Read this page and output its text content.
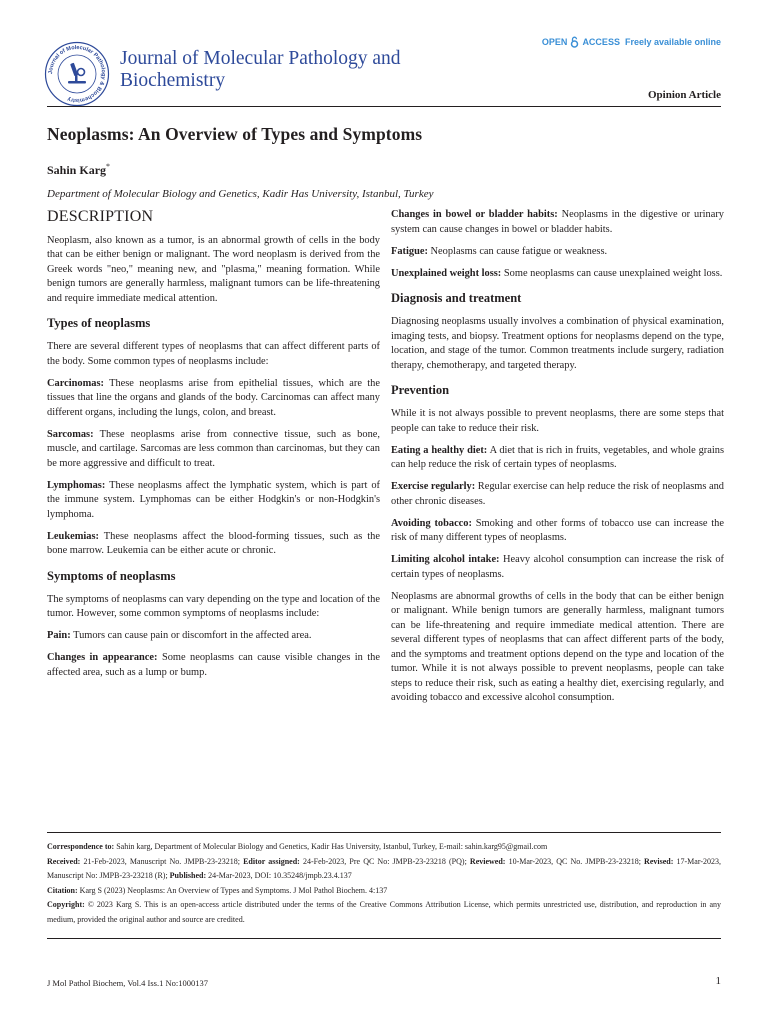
Journal of Molecular Pathology & Biochemistry
Journal of Molecular Pathology and
Biochemistry
OPEN ACCESS Freely available online
Opinion Article
Neoplasms: An Overview of Types and Symptoms
Sahin Karg*
Department of Molecular Biology and Genetics, Kadir Has University, Istanbul, Turkey
DESCRIPTION

Neoplasm, also known as a tumor, is an abnormal growth of cells in the body that can be either benign or malignant. The word neoplasm is derived from the Greek words "neo," meaning new, and "plasma," meaning formation. While benign tumors are generally harmless, malignant tumors can be life-threatening and require immediate medical attention.

Types of neoplasms

There are several different types of neoplasms that can affect different parts of the body. Some common types of neoplasms include:

Carcinomas: These neoplasms arise from epithelial tissues, which are the tissues that line the organs and glands of the body. Carcinomas can affect many different organs, including the lungs, colon, and breast.

Sarcomas: These neoplasms arise from connective tissue, such as bone, muscle, and cartilage. Sarcomas are less common than carcinomas, but they can be more aggressive and difficult to treat.

Lymphomas: These neoplasms affect the lymphatic system, which is part of the immune system. Lymphomas can be either Hodgkin's or non-Hodgkin's lymphoma.

Leukemias: These neoplasms affect the blood-forming tissues, such as the bone marrow. Leukemia can be either acute or chronic.

Symptoms of neoplasms

The symptoms of neoplasms can vary depending on the type and location of the tumor. However, some common symptoms of neoplasms include:

Pain: Tumors can cause pain or discomfort in the affected area.

Changes in appearance: Some neoplasms can cause visible changes in the affected area, such as a lump or bump.

Changes in bowel or bladder habits: Neoplasms in the digestive or urinary system can cause changes in bowel or bladder habits.

Fatigue: Neoplasms can cause fatigue or weakness.

Unexplained weight loss: Some neoplasms can cause unexplained weight loss.

Diagnosis and treatment

Diagnosing neoplasms usually involves a combination of physical examination, imaging tests, and biopsy. Treatment options for neoplasms depend on the type, location, and stage of the tumor. Common treatments include surgery, radiation therapy, chemotherapy, and targeted therapy.

Prevention

While it is not always possible to prevent neoplasms, there are some steps that people can take to reduce their risk.

Eating a healthy diet: A diet that is rich in fruits, vegetables, and whole grains can help reduce the risk of certain types of neoplasms.

Exercise regularly: Regular exercise can help reduce the risk of neoplasms and other chronic diseases.

Avoiding tobacco: Smoking and other forms of tobacco use can increase the risk of many different types of neoplasms.

Limiting alcohol intake: Heavy alcohol consumption can increase the risk of certain types of neoplasms.

Neoplasms are abnormal growths of cells in the body that can be either benign or malignant. While benign tumors are generally harmless, malignant tumors can be life-threatening and require immediate medical attention. There are several different types of neoplasms that can affect different parts of the body, and the symptoms and treatment options depend on the type and location of the tumor. While it is not always possible to prevent neoplasms, people can take steps to reduce their risk, such as eating a healthy diet, exercising regularly, and avoiding tobacco and excessive alcohol consumption.

Correspondence to: Sahin karg, Department of Molecular Biology and Genetics, Kadir Has University, Istanbul, Turkey, E-mail: sahin.karg95@gmail.com
Received: 21-Feb-2023, Manuscript No. JMPB-23-23218; Editor assigned: 24-Feb-2023, Pre QC No: JMPB-23-23218 (PQ); Reviewed: 10-Mar-2023, QC No. JMPB-23-23218; Revised: 17-Mar-2023, Manuscript No: JMPB-23-23218 (R); Published: 24-Mar-2023, DOI: 10.35248/jmpb.23.4.137
Citation: Karg S (2023) Neoplasms: An Overview of Types and Symptoms. J Mol Pathol Biochem. 4:137
Copyright: © 2023 Karg S. This is an open-access article distributed under the terms of the Creative Commons Attribution License, which permits unrestricted use, distribution, and reproduction in any medium, provided the original author and source are credited.
J Mol Pathol Biochem, Vol.4 Iss.1 No:1000137	1
